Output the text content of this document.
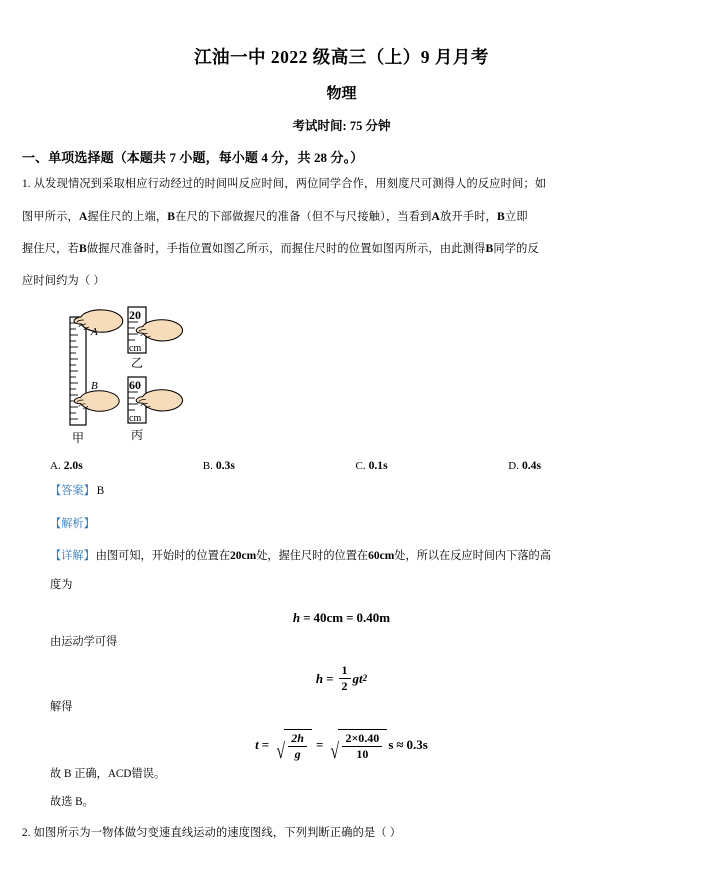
江油一中 2022 级高三（上）9 月月考
物理
考试时间: 75 分钟
一、单项选择题（本题共 7 小题，每小题 4 分，共 28 分。）
1. 从发现情况到采取相应行动经过的时间叫反应时间，两位同学合作，用刻度尺可测得人的反应时间；如
图甲所示，A握住尺的上端，B在尺的下部做握尺的准备（但不与尺接触），当看到A放开手时，B立即
握住尺，若B做握尺准备时，手指位置如图乙所示，而握住尺时的位置如图丙所示，由此测得B同学的反
应时间约为（ ）
A
B
甲
20
cm
乙
60
cm
丙
A. 2.0s	B. 0.3s	C. 0.1s	D. 0.4s
【答案】 B
【解析】
【详解】由图可知，开始时的位置在20cm处，握住尺时的位置在60cm处，所以在反应时间内下落的高
度为
h = 40cm = 0.40m
由运动学可得
$h = \frac{1}{2}$ g t 2
解得
t = √ $\frac{2h}{g}$ = √ $\frac{2\times 0.40}{10}$ s ≈ 0.3s
故 B 正确，ACD错误。
故选 B。
2. 如图所示为一物体做匀变速直线运动的速度图线，下列判断正确的是（ ）
